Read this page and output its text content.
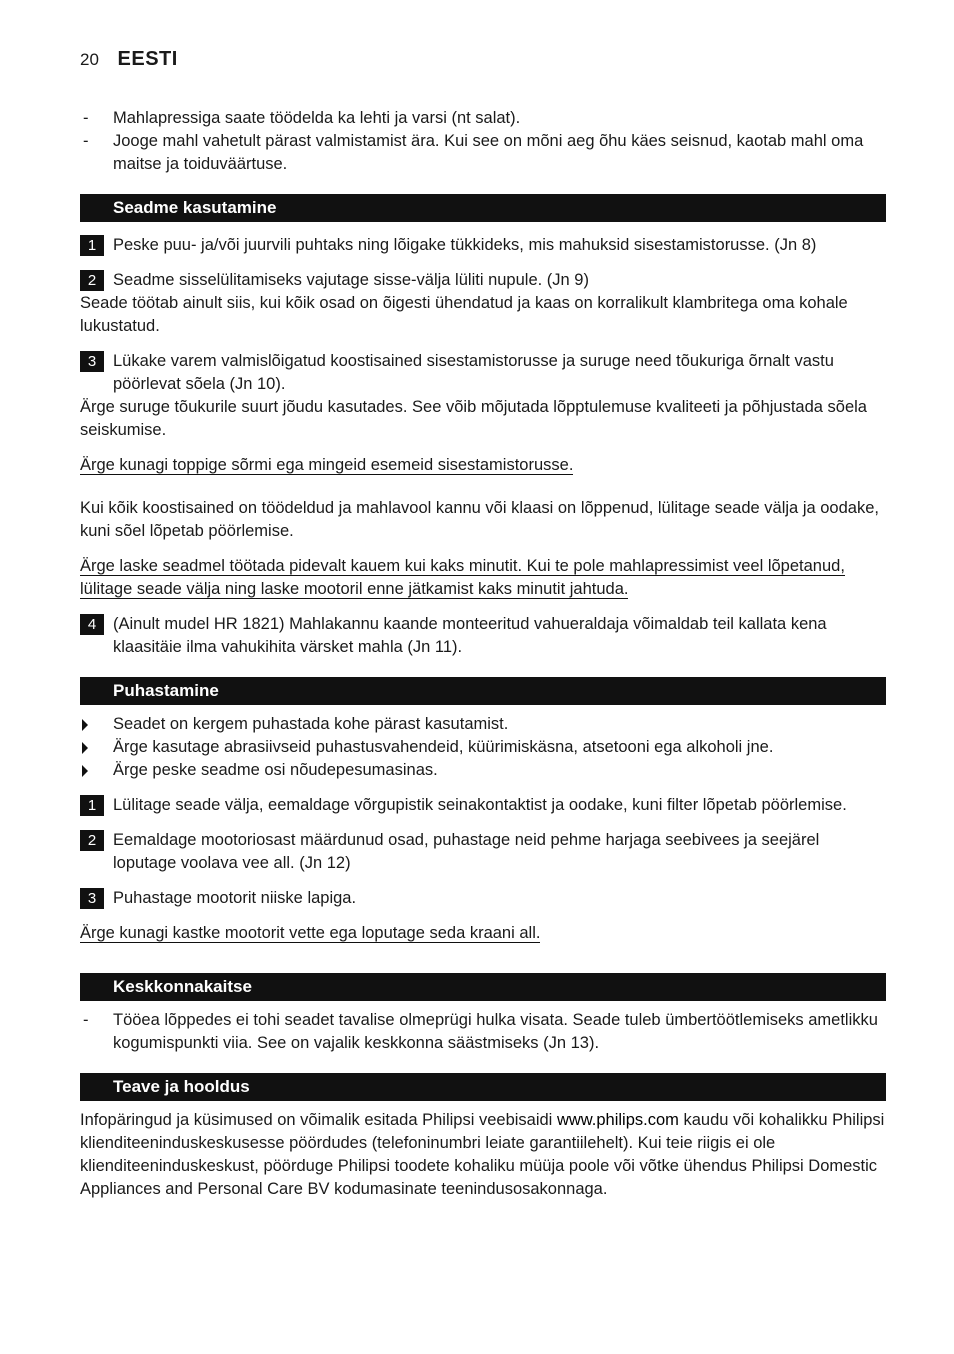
20 EESTI
- Mahlapressiga saate töödelda ka lehti ja varsi (nt salat).
- Jooge mahl vahetult pärast valmistamist ära. Kui see on mõni aeg õhu käes seisnud, kaotab mahl oma maitse ja toiduväärtuse.
Seadme kasutamine
1	Peske puu- ja/või juurvili puhtaks ning lõigake tükkideks, mis mahuksid sisestamistorusse. (Jn 8)
2	Seadme sisselülitamiseks vajutage sisse-välja lüliti nupule. (Jn 9)
Seade töötab ainult siis, kui kõik osad on õigesti ühendatud ja kaas on korralikult klambritega oma kohale lukustatud.
3	Lükake varem valmislõigatud koostisained sisestamistorusse ja suruge need tõukuriga õrnalt vastu pöörlevat sõela (Jn 10).
Ärge suruge tõukurile suurt jõudu kasutades. See võib mõjutada lõpptulemuse kvaliteeti ja põhjustada sõela seiskumise.
Ärge kunagi toppige sõrmi ega mingeid esemeid sisestamistorusse.
Kui kõik koostisained on töödeldud ja mahlavool kannu või klaasi on lõppenud, lülitage seade välja ja oodake, kuni sõel lõpetab pöörlemise.
Ärge laske seadmel töötada pidevalt kauem kui kaks minutit. Kui te pole mahlapressimist veel lõpetanud, lülitage seade välja ning laske mootoril enne jätkamist kaks minutit jahtuda.
4	(Ainult mudel HR 1821) Mahlakannu kaande monteeritud vahueraldaja võimaldab teil kallata kena klaasitäie ilma vahukihita värsket mahla (Jn 11).
Puhastamine
Seadet on kergem puhastada kohe pärast kasutamist.
Ärge kasutage abrasiivseid puhastusvahendeid, küürimiskäsna, atsetooni ega alkoholi jne.
Ärge peske seadme osi nõudepesumasinas.
1	Lülitage seade välja, eemaldage võrgupistik seinakontaktist ja oodake, kuni filter lõpetab pöörlemise.
2	Eemaldage mootoriosast määrdunud osad, puhastage neid pehme harjaga seebivees ja seejärel loputage voolava vee all. (Jn 12)
3	Puhastage mootorit niiske lapiga.
Ärge kunagi kastke mootorit vette ega loputage seda kraani all.
Keskkonnakaitse
- Tööea lõppedes ei tohi seadet tavalise olmeprügi hulka visata. Seade tuleb ümbertöötlemiseks ametlikku kogumispunkti viia. See on vajalik keskkonna säästmiseks (Jn 13).
Teave ja hooldus
Infopäringud ja küsimused on võimalik esitada Philipsi veebisaidi www.philips.com kaudu või kohalikku Philipsi klienditeeninduskeskusesse pöördudes (telefoninumbri leiate garantiilehelt). Kui teie riigis ei ole klienditeeninduskeskust, pöörduge Philipsi toodete kohaliku müüja poole või võtke ühendus Philipsi Domestic Appliances and Personal Care BV kodumasinate teenindusosakonnaga.
